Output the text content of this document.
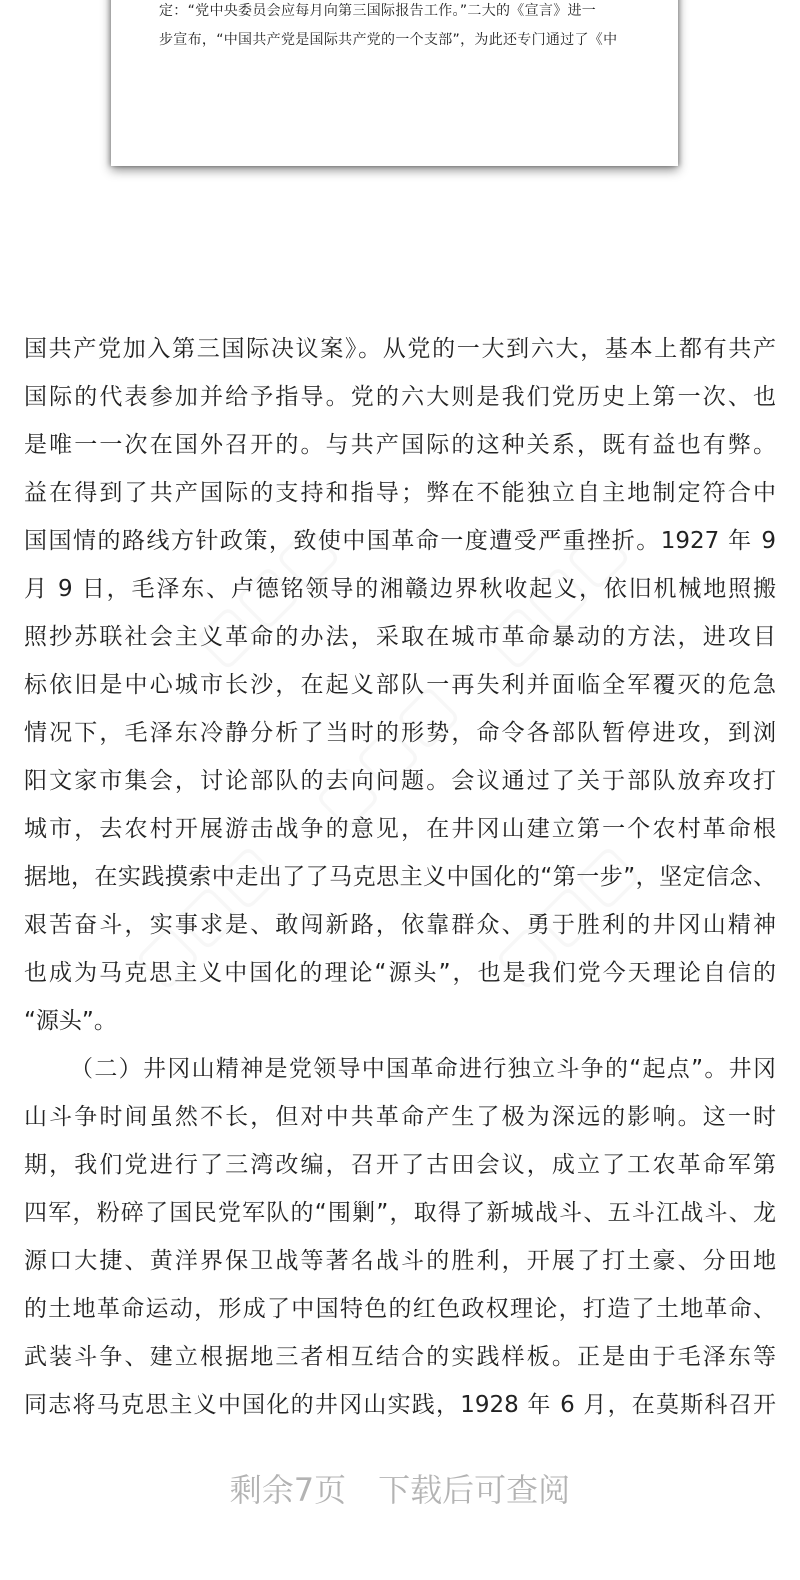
定：“党中央委员会应每月向第三国际报告工作。”二大的《宣言》进一
步宣布，“中国共产党是国际共产党的一个支部”，为此还专门通过了《中
▢▢▢ ▢▢▢
▢▢▢
▢▢▢	▢▢▢
国共产党加入第三国际决议案》。从党的一大到六大，基本上都有共产
国际的代表参加并给予指导。党的六大则是我们党历史上第一次、也
是唯一一次在国外召开的。与共产国际的这种关系，既有益也有弊。
益在得到了共产国际的支持和指导；弊在不能独立自主地制定符合中
国国情的路线方针政策，致使中国革命一度遭受严重挫折。1927 年 9
月 9 日，毛泽东、卢德铭领导的湘赣边界秋收起义，依旧机械地照搬
照抄苏联社会主义革命的办法，采取在城市革命暴动的方法，进攻目
标依旧是中心城市长沙，在起义部队一再失利并面临全军覆灭的危急
情况下，毛泽东冷静分析了当时的形势，命令各部队暂停进攻，到浏
阳文家市集会，讨论部队的去向问题。会议通过了关于部队放弃攻打
城市，去农村开展游击战争的意见，在井冈山建立第一个农村革命根
据地，在实践摸索中走出了了马克思主义中国化的“第一步”，坚定信念、
艰苦奋斗，实事求是、敢闯新路，依靠群众、勇于胜利的井冈山精神
也成为马克思主义中国化的理论“源头”，也是我们党今天理论自信的
“源头”。
（二）井冈山精神是党领导中国革命进行独立斗争的“起点”。井冈
山斗争时间虽然不长，但对中共革命产生了极为深远的影响。这一时
期，我们党进行了三湾改编，召开了古田会议，成立了工农革命军第
四军，粉碎了国民党军队的“围剿”，取得了新城战斗、五斗江战斗、龙
源口大捷、黄洋界保卫战等著名战斗的胜利，开展了打土豪、分田地
的土地革命运动，形成了中国特色的红色政权理论，打造了土地革命、
武装斗争、建立根据地三者相互结合的实践样板。正是由于毛泽东等
同志将马克思主义中国化的井冈山实践，1928 年 6 月，在莫斯科召开
剩余7页 下载后可查阅
